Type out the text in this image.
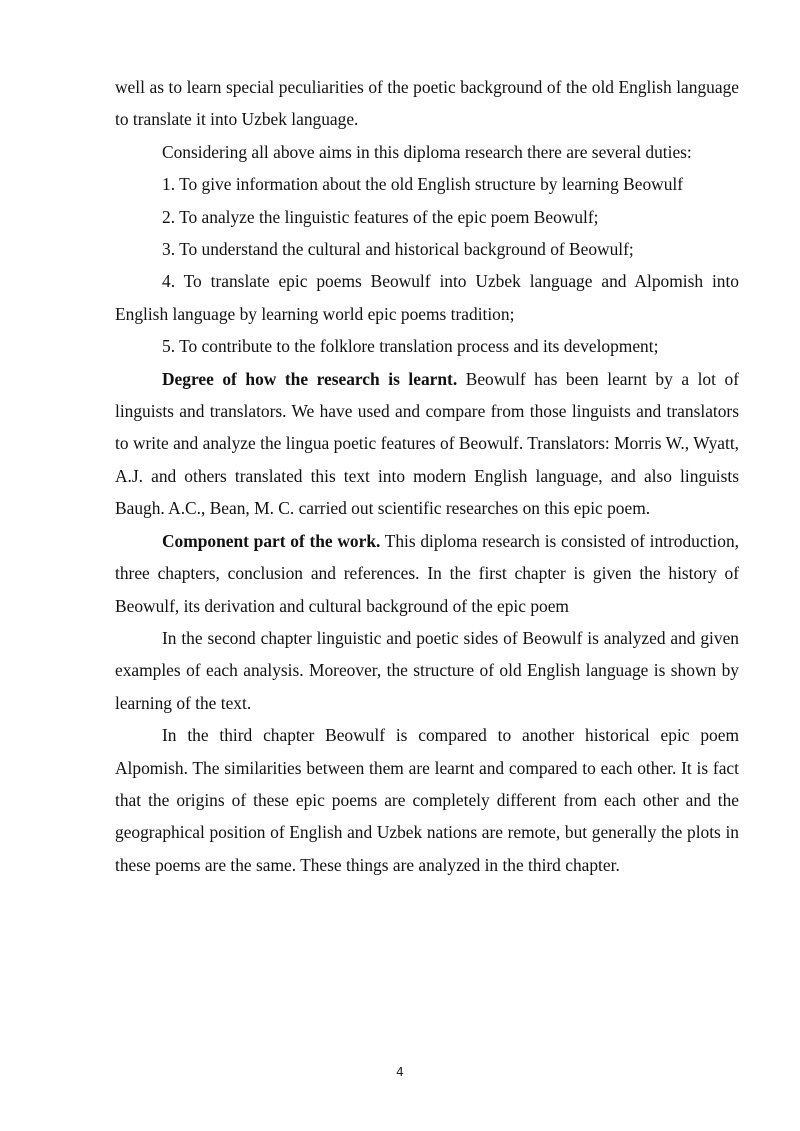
well as to learn special peculiarities of the poetic background of the old English language to translate it into Uzbek language.

Considering all above aims in this diploma research there are several duties:

1. To give information about the old English structure by learning Beowulf

2. To analyze the linguistic features of the epic poem Beowulf;

3. To understand the cultural and historical background of Beowulf;

4. To translate epic poems Beowulf into Uzbek language and Alpomish into English language by learning world epic poems tradition;

5. To contribute to the folklore translation process and its development;

Degree of how the research is learnt. Beowulf has been learnt by a lot of linguists and translators. We have used and compare from those linguists and translators to write and analyze the lingua poetic features of Beowulf. Translators: Morris W., Wyatt, A.J. and others translated this text into modern English language, and also linguists Baugh. A.C., Bean, M. C. carried out scientific researches on this epic poem.

Component part of the work. This diploma research is consisted of introduction, three chapters, conclusion and references. In the first chapter is given the history of Beowulf, its derivation and cultural background of the epic poem

In the second chapter linguistic and poetic sides of Beowulf is analyzed and given examples of each analysis. Moreover, the structure of old English language is shown by learning of the text.

In the third chapter Beowulf is compared to another historical epic poem Alpomish. The similarities between them are learnt and compared to each other. It is fact that the origins of these epic poems are completely different from each other and the geographical position of English and Uzbek nations are remote, but generally the plots in these poems are the same. These things are analyzed in the third chapter.

4
